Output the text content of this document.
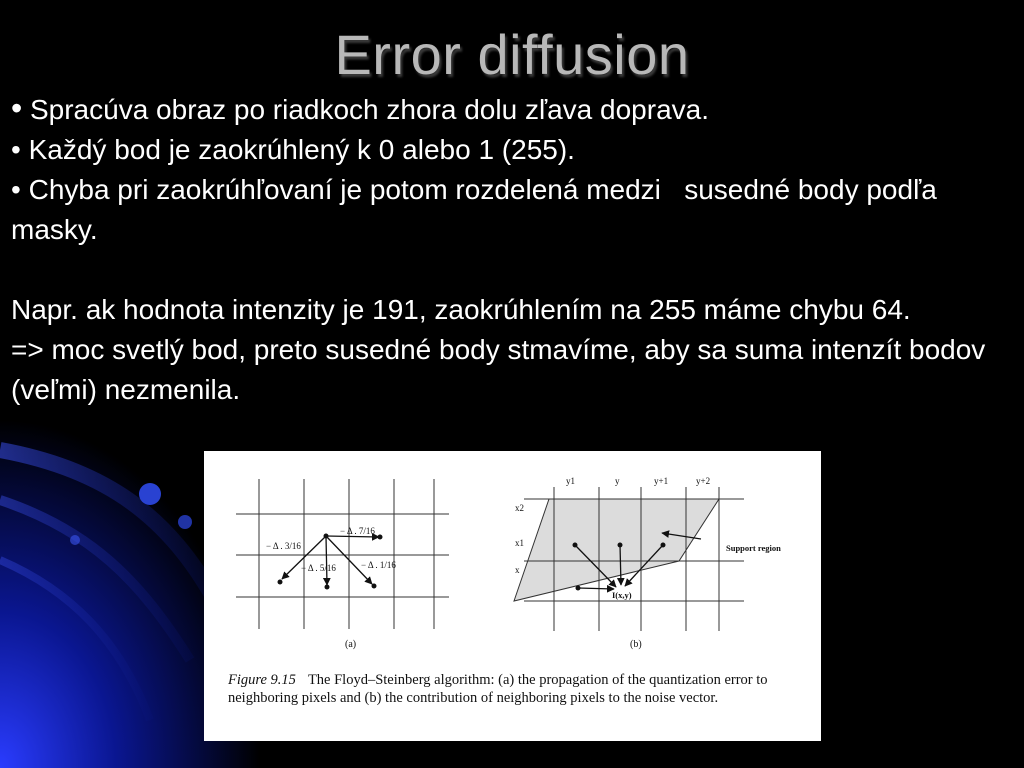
Error diffusion

• Spracúva obraz po riadkoch zhora dolu zľava doprava.

• Každý bod je zaokrúhlený k 0 alebo 1 (255).

• Chyba pri zaokrúhľovaní je potom rozdelená medzi   susedné body podľa masky.

Napr. ak hodnota intenzity je 191, zaokrúhlením na 255 máme chybu 64.

=> moc svetlý bod, preto susedné body stmavíme, aby sa suma intenzít bodov (veľmi) nezmenila.

− Δ . 7/16
− Δ . 3/16
− Δ . 5/16	− Δ . 1/16
(a)
y1	y	y+1	y+2
x2
x1
x
Support region
I(x,y)
(b)
Figure 9.15 The Floyd–Steinberg algorithm: (a) the propagation of the quantization error to neighboring pixels and (b) the contribution of neighboring pixels to the noise vector.
